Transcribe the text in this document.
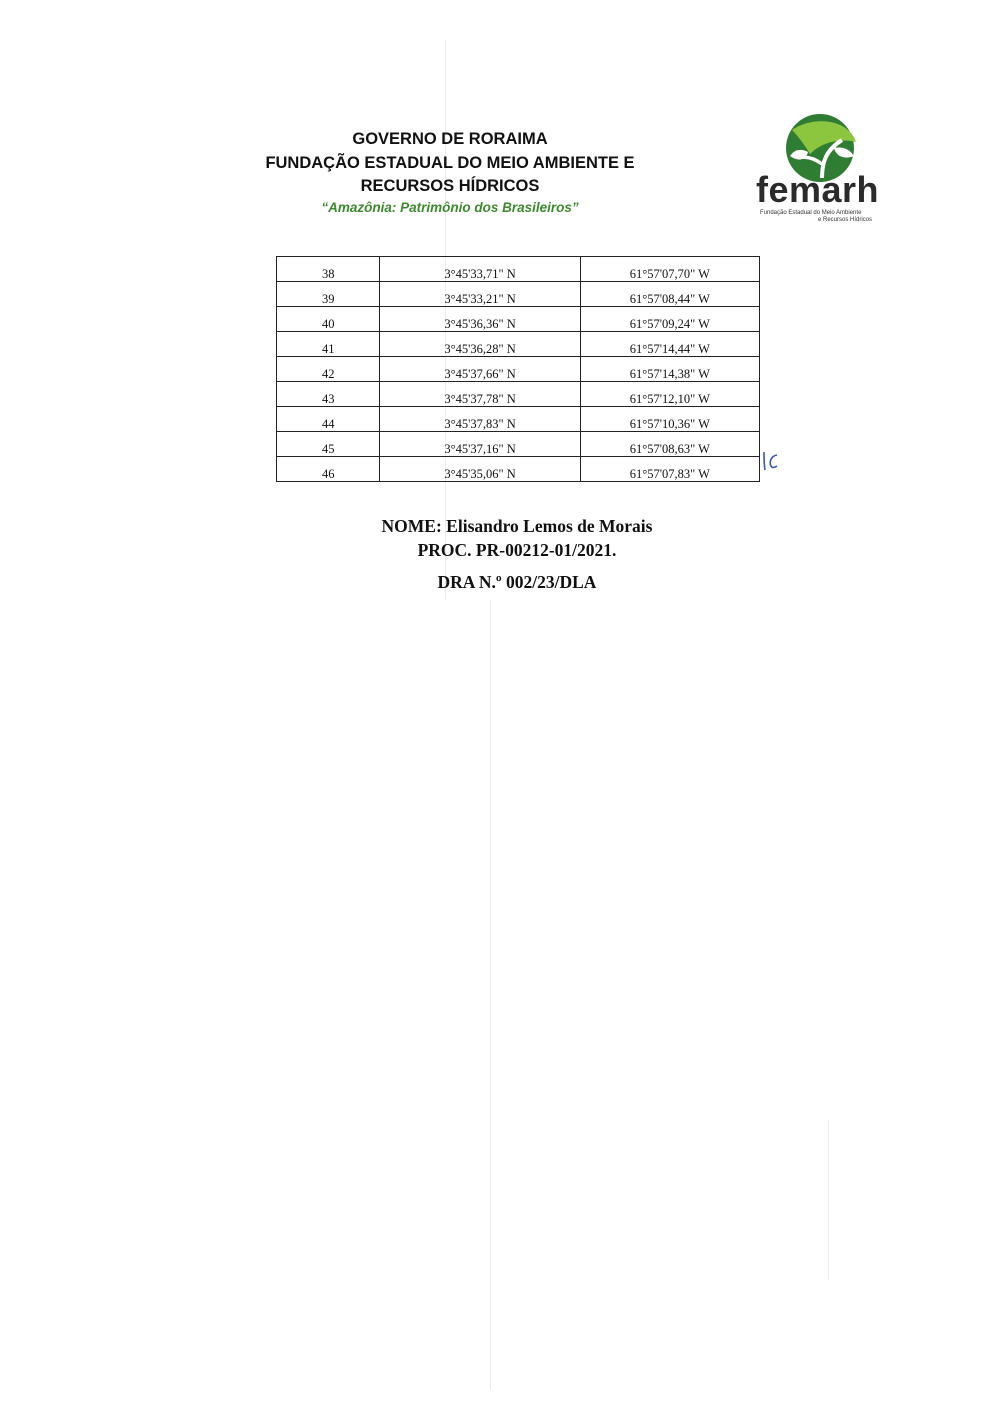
GOVERNO DE RORAIMA
FUNDAÇÃO ESTADUAL DO MEIO AMBIENTE E
RECURSOS HÍDRICOS
“Amazônia: Patrimônio dos Brasileiros”	femarh
Fundação Estadual do Meio Ambiente
e Recursos Hídricos
38	3°45'33,71" N	61°57'07,70" W
39	3°45'33,21" N	61°57'08,44" W
40	3°45'36,36" N	61°57'09,24" W
41	3°45'36,28" N	61°57'14,44" W
42	3°45'37,66" N	61°57'14,38" W
43	3°45'37,78" N	61°57'12,10" W
44	3°45'37,83" N	61°57'10,36" W
45	3°45'37,16" N	61°57'08,63" W
46	3°45'35,06" N	61°57'07,83" W
NOME: Elisandro Lemos de Morais
PROC. PR-00212-01/2021.
DRA N.º 002/23/DLA
